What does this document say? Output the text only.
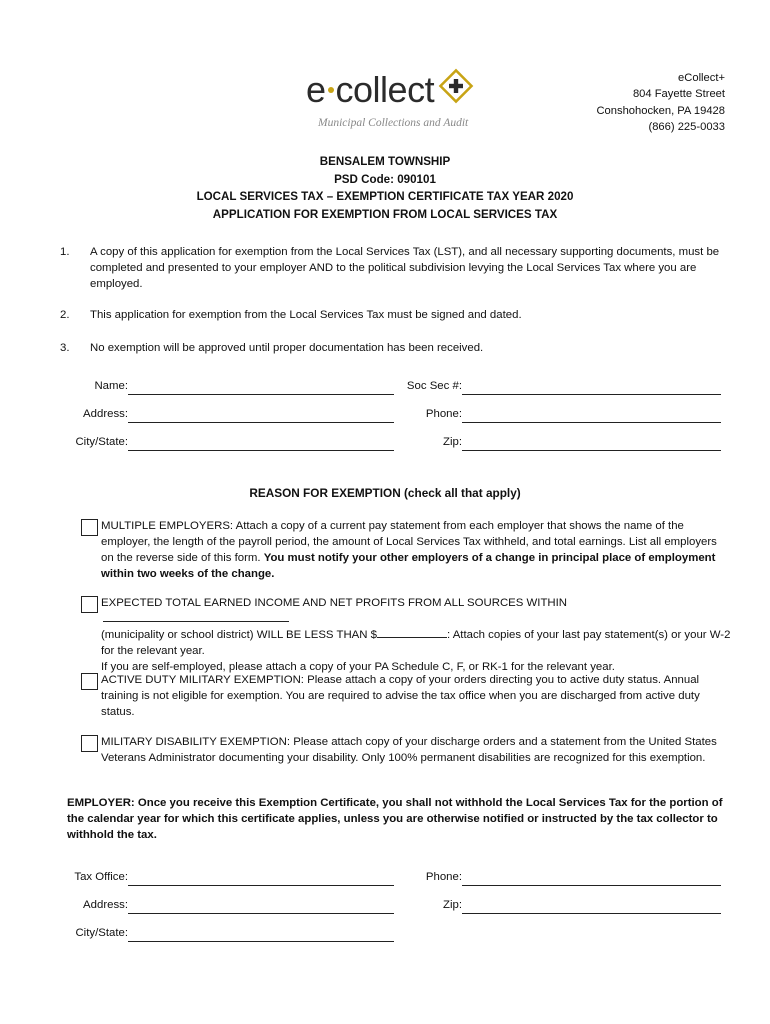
e collect
Municipal Collections and Audit
eCollect+
804 Fayette Street
Conshohocken, PA 19428
(866) 225-0033
BENSALEM TOWNSHIP
PSD Code: 090101
LOCAL SERVICES TAX – EXEMPTION CERTIFICATE TAX YEAR 2020
APPLICATION FOR EXEMPTION FROM LOCAL SERVICES TAX
1. A copy of this application for exemption from the Local Services Tax (LST), and all necessary supporting documents, must be completed and presented to your employer AND to the political subdivision levying the Local Services Tax where you are employed.
2. This application for exemption from the Local Services Tax must be signed and dated.
3. No exemption will be approved until proper documentation has been received.
Name:	Soc Sec #:
Address:	Phone:
City/State:	Zip:
REASON FOR EXEMPTION (check all that apply)
MULTIPLE EMPLOYERS: Attach a copy of a current pay statement from each employer that shows the name of the employer, the length of the payroll period, the amount of Local Services Tax withheld, and total earnings. List all employers on the reverse side of this form. You must notify your other employers of a change in principal place of employment within two weeks of the change.
EXPECTED TOTAL EARNED INCOME AND NET PROFITS FROM ALL SOURCES WITHIN
(municipality or school district) WILL BE LESS THAN $	: Attach copies of your last pay statement(s) or your W-2 for the relevant year.
If you are self-employed, please attach a copy of your PA Schedule C, F, or RK-1 for the relevant year.
ACTIVE DUTY MILITARY EXEMPTION: Please attach a copy of your orders directing you to active duty status. Annual training is not eligible for exemption. You are required to advise the tax office when you are discharged from active duty status.
MILITARY DISABILITY EXEMPTION: Please attach copy of your discharge orders and a statement from the United States Veterans Administrator documenting your disability. Only 100% permanent disabilities are recognized for this exemption.
EMPLOYER: Once you receive this Exemption Certificate, you shall not withhold the Local Services Tax for the portion of the calendar year for which this certificate applies, unless you are otherwise notified or instructed by the tax collector to withhold the tax.
Tax Office:	Phone:
Address:	Zip:
City/State:
